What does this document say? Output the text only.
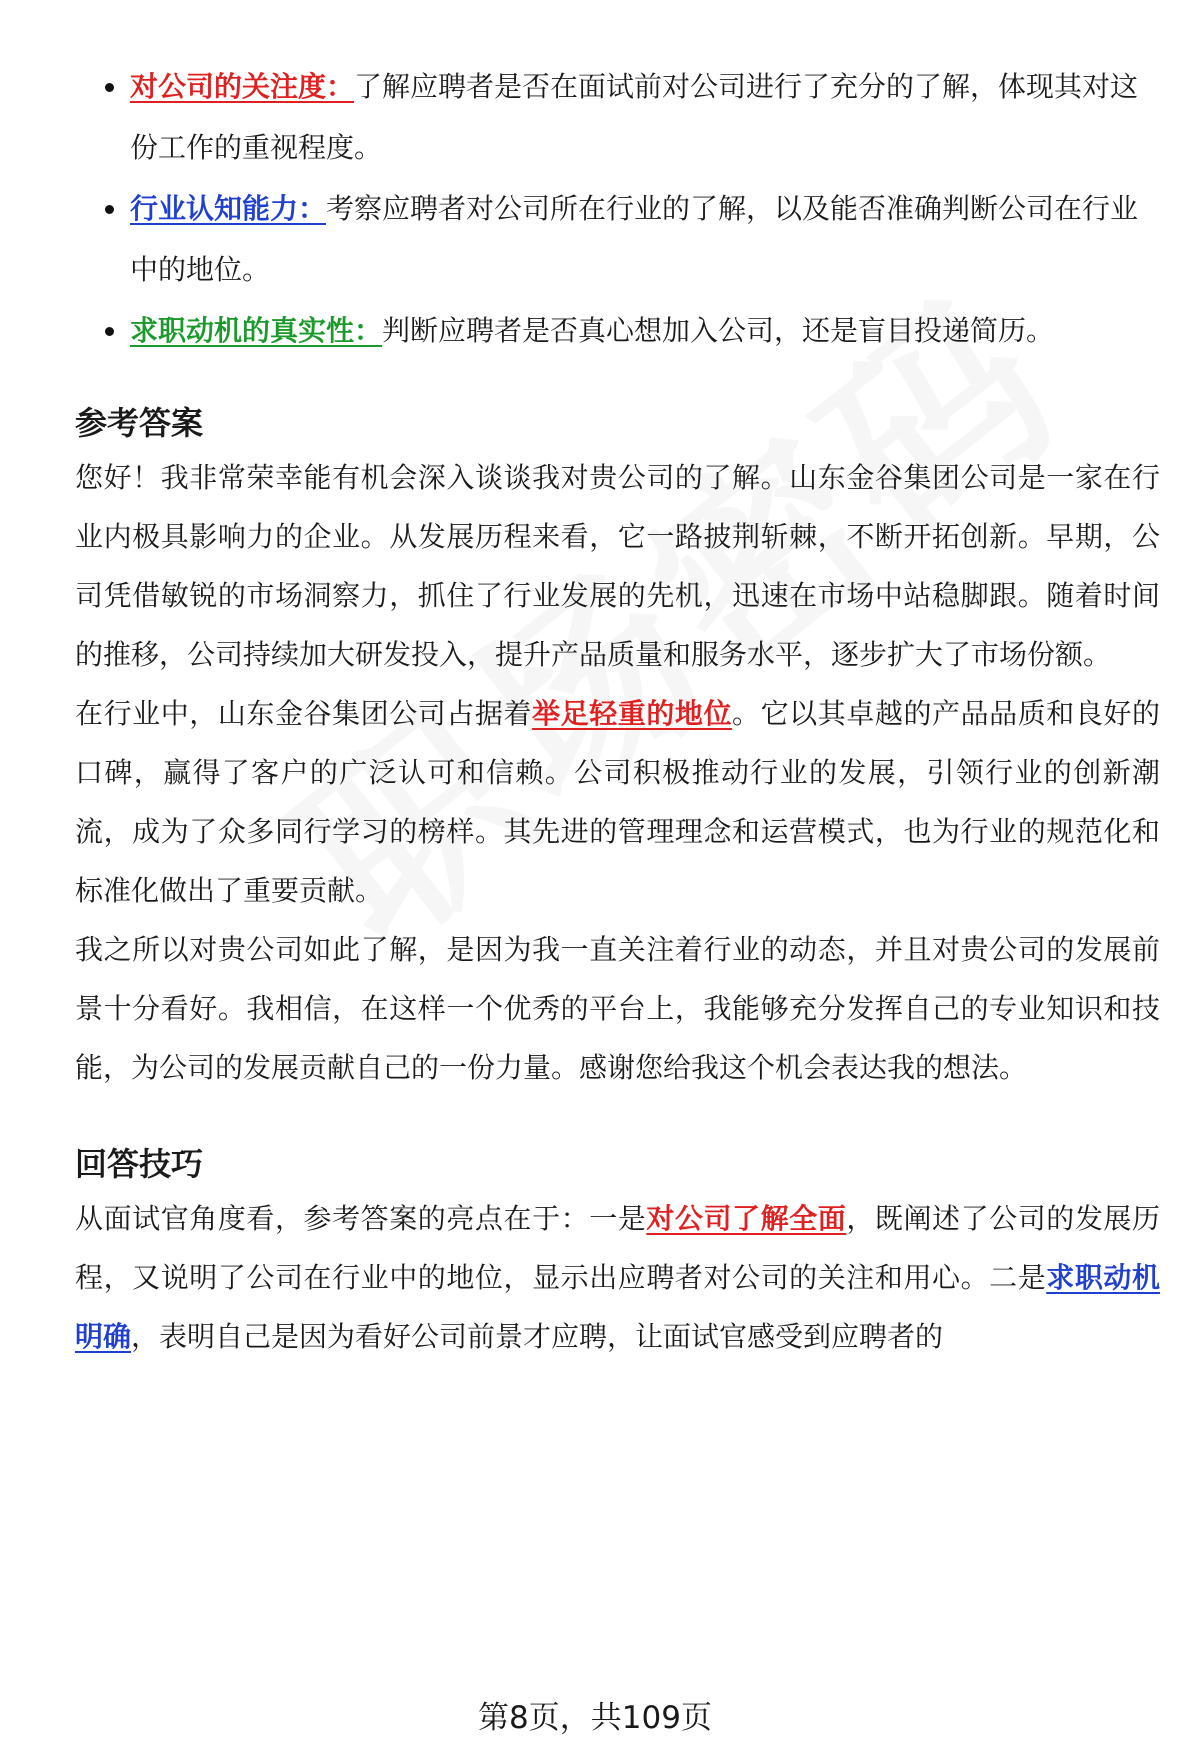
对公司的关注度：了解应聘者是否在面试前对公司进行了充分的了解，体现其对这份工作的重视程度。
行业认知能力：考察应聘者对公司所在行业的了解，以及能否准确判断公司在行业中的地位。
求职动机的真实性：判断应聘者是否真心想加入公司，还是盲目投递简历。
参考答案

您好！我非常荣幸能有机会深入谈谈我对贵公司的了解。山东金谷集团公司是一家在行业内极具影响力的企业。从发展历程来看，它一路披荆斩棘，不断开拓创新。早期，公司凭借敏锐的市场洞察力，抓住了行业发展的先机，迅速在市场中站稳脚跟。随着时间的推移，公司持续加大研发投入，提升产品质量和服务水平，逐步扩大了市场份额。

在行业中，山东金谷集团公司占据着举足轻重的地位。它以其卓越的产品品质和良好的口碑，赢得了客户的广泛认可和信赖。公司积极推动行业的发展，引领行业的创新潮流，成为了众多同行学习的榜样。其先进的管理理念和运营模式，也为行业的规范化和标准化做出了重要贡献。

我之所以对贵公司如此了解，是因为我一直关注着行业的动态，并且对贵公司的发展前景十分看好。我相信，在这样一个优秀的平台上，我能够充分发挥自己的专业知识和技能，为公司的发展贡献自己的一份力量。感谢您给我这个机会表达我的想法。

回答技巧

从面试官角度看，参考答案的亮点在于：一是对公司了解全面，既阐述了公司的发展历程，又说明了公司在行业中的地位，显示出应聘者对公司的关注和用心。二是求职动机明确，表明自己是因为看好公司前景才应聘，让面试官感受到应聘者的

第8页，共109页
